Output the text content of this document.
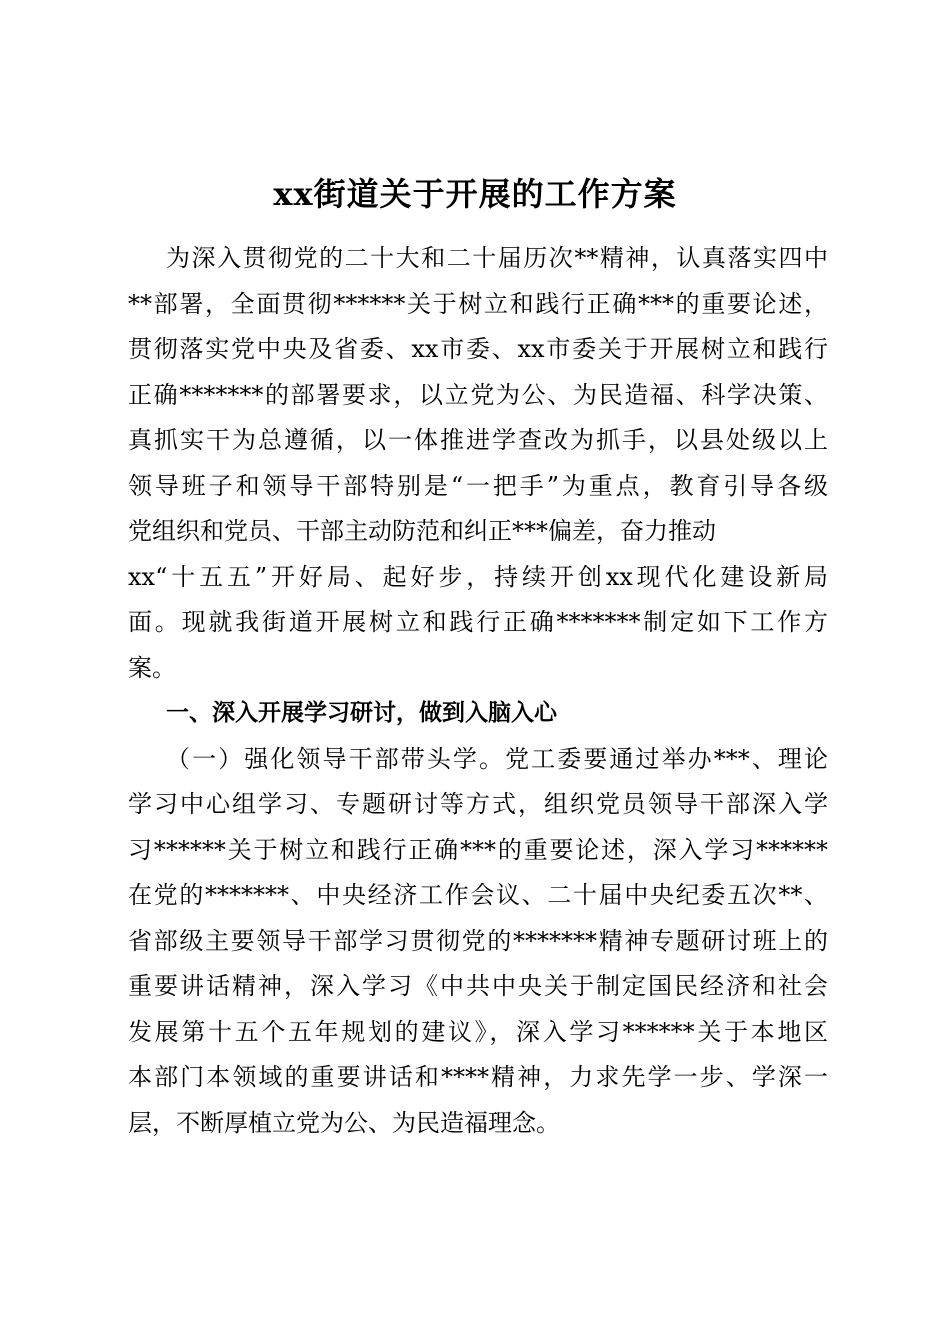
xx街道关于开展的工作方案
为深入贯彻党的二十大和二十届历次**精神，认真落实四中
**部署，全面贯彻******关于树立和践行正确***的重要论述，
贯彻落实党中央及省委、xx市委、xx市委关于开展树立和践行
正确*******的部署要求，以立党为公、为民造福、科学决策、
真抓实干为总遵循，以一体推进学查改为抓手，以县处级以上
领导班子和领导干部特别是“一把手”为重点，教育引导各级
党组织和党员、干部主动防范和纠正***偏差，奋力推动
xx“十五五”开好局、起好步，持续开创xx现代化建设新局
面。现就我街道开展树立和践行正确*******制定如下工作方
案。
一、深入开展学习研讨，做到入脑入心
（一）强化领导干部带头学。党工委要通过举办***、理论
学习中心组学习、专题研讨等方式，组织党员领导干部深入学
习******关于树立和践行正确***的重要论述，深入学习******
在党的*******、中央经济工作会议、二十届中央纪委五次**、
省部级主要领导干部学习贯彻党的*******精神专题研讨班上的
重要讲话精神，深入学习《中共中央关于制定国民经济和社会
发展第十五个五年规划的建议》，深入学习******关于本地区
本部门本领域的重要讲话和****精神，力求先学一步、学深一
层，不断厚植立党为公、为民造福理念。
